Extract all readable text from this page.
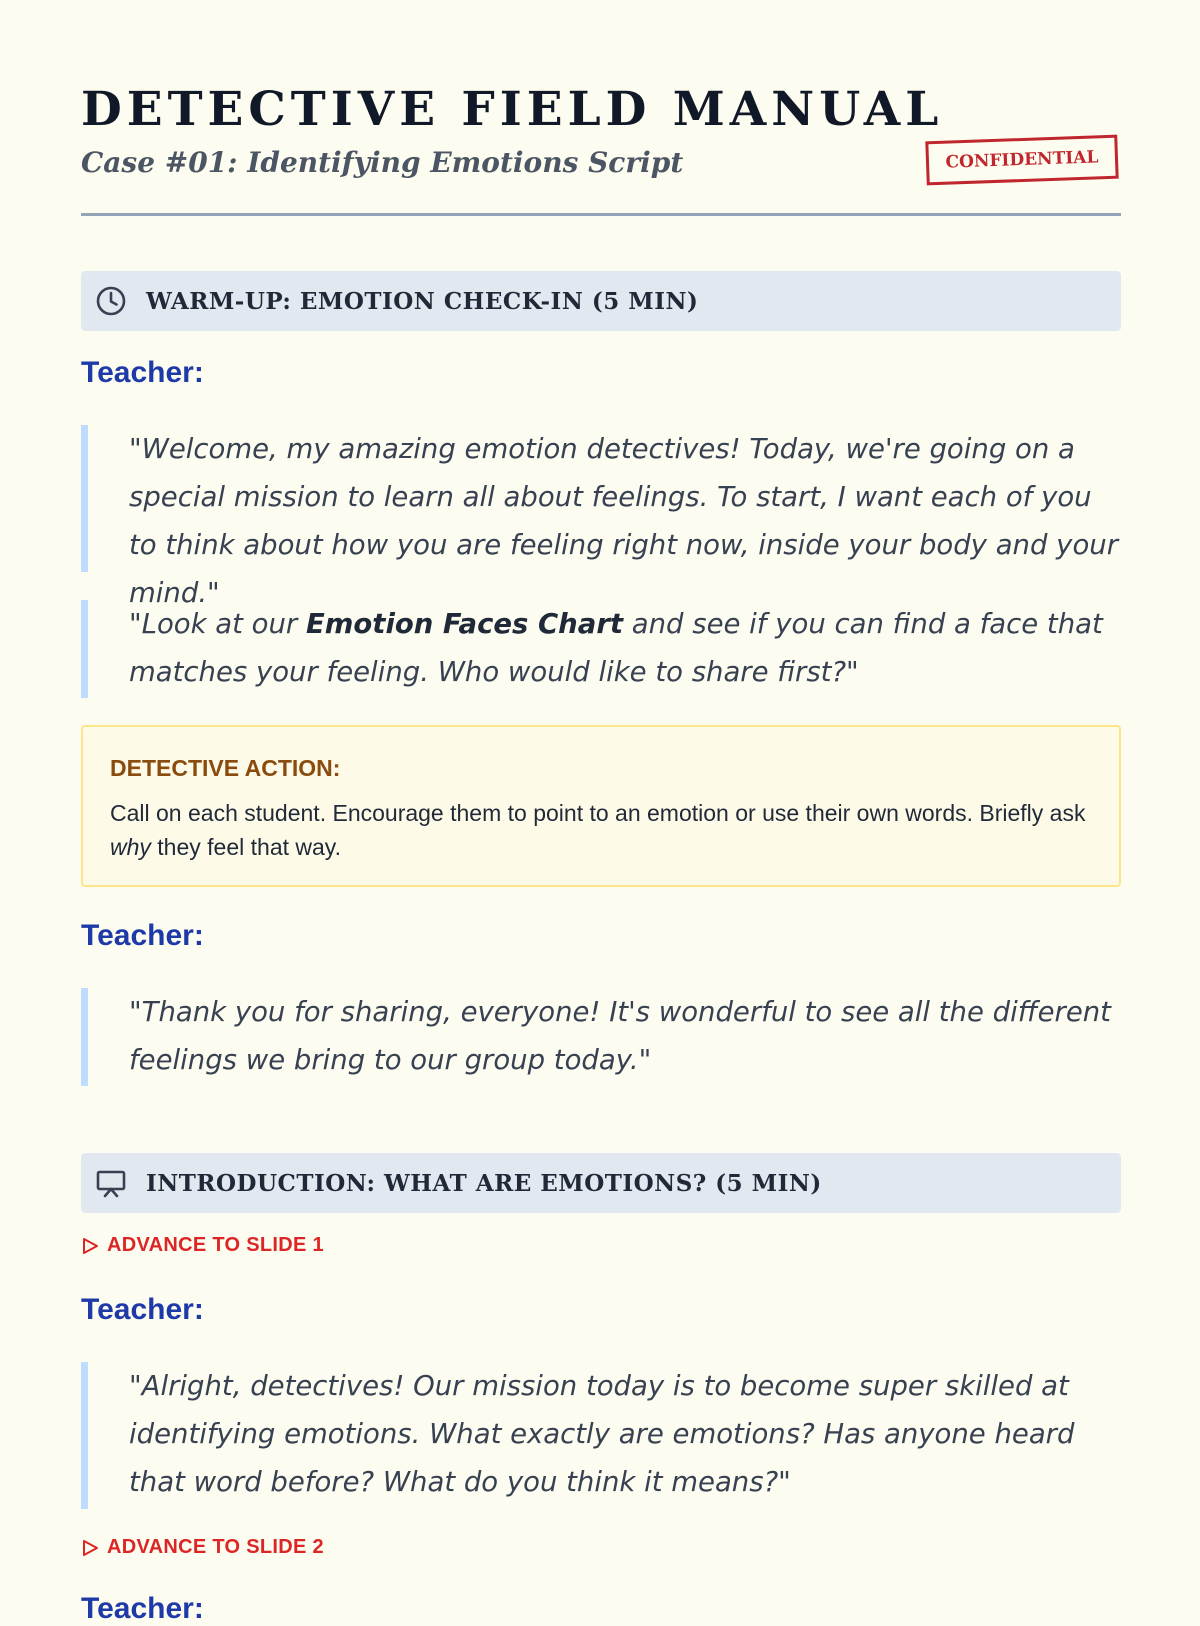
DETECTIVE FIELD MANUAL
Case #01: Identifying Emotions Script	CONFIDENTIAL
WARM-UP: EMOTION CHECK-IN (5 MIN)
Teacher:

"Welcome, my amazing emotion detectives! Today, we're going on a special mission to learn all about feelings. To start, I want each of you to think about how you are feeling right now, inside your body and your mind."

"Look at our Emotion Faces Chart and see if you can find a face that matches your feeling. Who would like to share first?"

DETECTIVE ACTION:

Call on each student. Encourage them to point to an emotion or use their own words. Briefly ask why they feel that way.

Teacher:

"Thank you for sharing, everyone! It's wonderful to see all the different feelings we bring to our group today."

INTRODUCTION: WHAT ARE EMOTIONS? (5 MIN)
ADVANCE TO SLIDE 1
Teacher:

"Alright, detectives! Our mission today is to become super skilled at identifying emotions. What exactly are emotions? Has anyone heard that word before? What do you think it means?"

ADVANCE TO SLIDE 2
Teacher:
